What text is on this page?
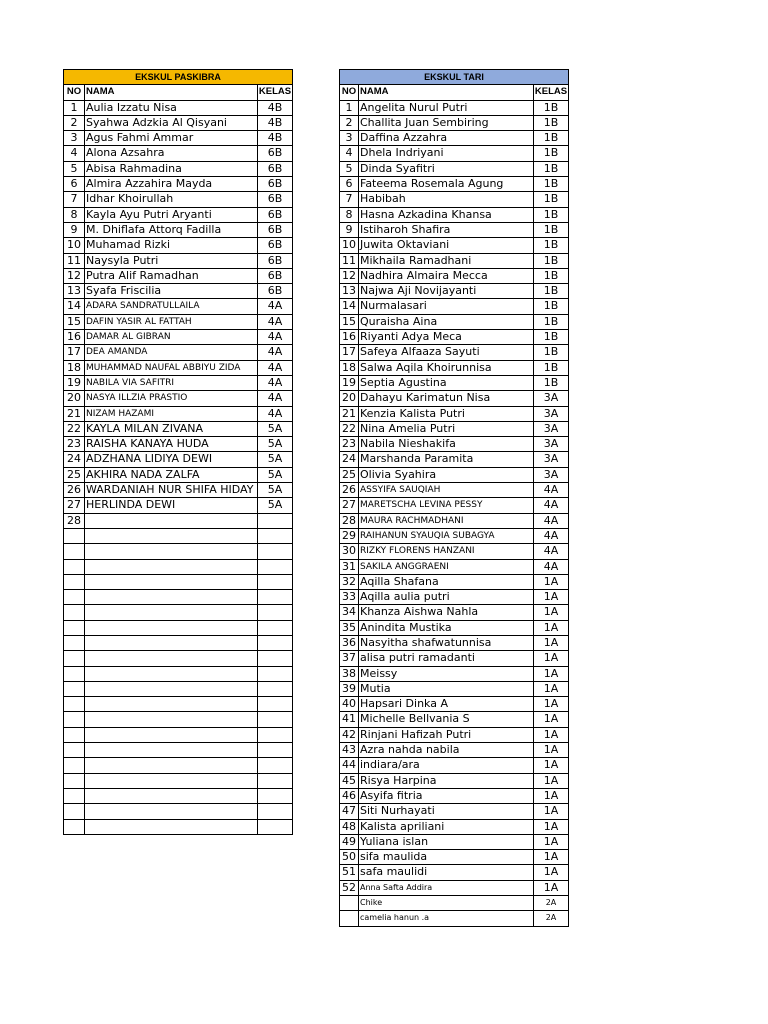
EKSKUL PASKIBRA
NO NAMA	KELAS
1 Aulia Izzatu Nisa	4B
2 Syahwa Adzkia Al Qisyani	4B
3 Agus Fahmi Ammar	4B
4 Alona Azsahra	6B
5 Abisa Rahmadina	6B
6 Almira Azzahira Mayda	6B
7 Idhar Khoirullah	6B
8 Kayla Ayu Putri Aryanti	6B
9 M. Dhiflafa Attorq Fadilla	6B
10 Muhamad Rizki	6B
11 Naysyla Putri	6B
12 Putra Alif Ramadhan	6B
13 Syafa Friscilia	6B
14 ADARA SANDRATULLAILA	4A
15 DAFIN YASIR AL FATTAH	4A
16 DAMAR AL GIBRAN	4A
17 DEA AMANDA	4A
18 MUHAMMAD NAUFAL ABBIYU ZIDA	4A
19 NABILA VIA SAFITRI	4A
20 NASYA ILLZIA PRASTIO	4A
21 NIZAM HAZAMI	4A
22 KAYLA MILAN ZIVANA	5A
23 RAISHA KANAYA HUDA	5A
24 ADZHANA LIDIYA DEWI	5A
25 AKHIRA NADA ZALFA	5A
26 WARDANIAH NUR SHIFA HIDAY	5A
27 HERLINDA DEWI	5A
28
EKSKUL TARI
NO NAMA	KELAS
1 Angelita Nurul Putri	1B
2 Challita Juan Sembiring	1B
3 Daffina Azzahra	1B
4 Dhela Indriyani	1B
5 Dinda Syafitri	1B
6 Fateema Rosemala Agung	1B
7 Habibah	1B
8 Hasna Azkadina Khansa	1B
9 Istiharoh Shafira	1B
10 Juwita Oktaviani	1B
11 Mikhaila Ramadhani	1B
12 Nadhira Almaira Mecca	1B
13 Najwa Aji Novijayanti	1B
14 Nurmalasari	1B
15 Quraisha Aina	1B
16 Riyanti Adya Meca	1B
17 Safeya Alfaaza Sayuti	1B
18 Salwa Aqila Khoirunnisa	1B
19 Septia Agustina	1B
20 Dahayu Karimatun Nisa	3A
21 Kenzia Kalista Putri	3A
22 Nina Amelia Putri	3A
23 Nabila Nieshakifa	3A
24 Marshanda Paramita	3A
25 Olivia Syahira	3A
26 ASSYIFA SAUQIAH	4A
27 MARETSCHA LEVINA PESSY	4A
28 MAURA RACHMADHANI	4A
29 RAIHANUN SYAUQIA SUBAGYA	4A
30 RIZKY FLORENS HANZANI	4A
31 SAKILA ANGGRAENI	4A
32 Aqilla Shafana	1A
33 Aqilla aulia putri	1A
34 Khanza Aishwa Nahla	1A
35 Anindita Mustika	1A
36 Nasyitha shafwatunnisa	1A
37 alisa putri ramadanti	1A
38 Meissy	1A
39 Mutia	1A
40 Hapsari Dinka A	1A
41 Michelle Bellvania S	1A
42 Rinjani Hafizah Putri	1A
43 Azra nahda nabila	1A
44 indiara/ara	1A
45 Risya Harpina	1A
46 Asyifa fitria	1A
47 Siti Nurhayati	1A
48 Kalista apriliani	1A
49 Yuliana islan	1A
50 sifa maulida	1A
51 safa maulidi	1A
52 Anna Safta Addira	1A
Chike	2A
camelia hanun .a	2A
